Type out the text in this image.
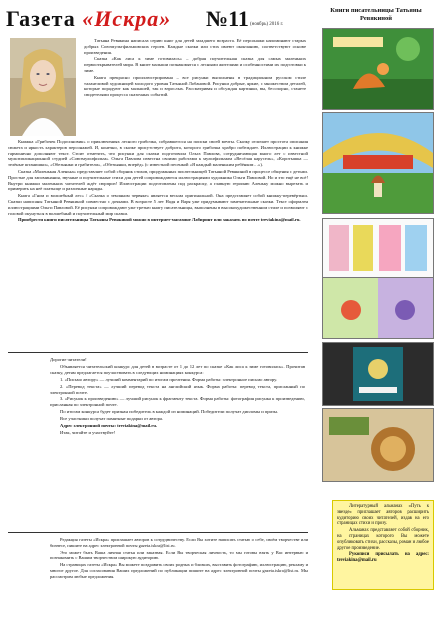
Газета «Искра» №11 (ноябрь) 2016 г.
Книги писательницы Татьяны Ревякиной

Татьяна Ревякина написала серию книг для детей младшего возраста. Её персонажи напоминают старых добрых Союзмультфильмовских героев. Каждые сказки или стих имеют окончанию, соответствуют основе произведения.

Сказка «Как лиса к зиме готовилась» – добрая поучительная сказка для самых маленьких первооткрывателей мира. В книге малыши познакомятся с лесными жителями и особенностями их подготовки к зиме.

Книга прекрасно проиллюстрирована – все рисунки выполнены в традиционном русском стиле талантливой художницей молодого уровня Татьяной Лобановой. Рисунки добрые, яркие, с множеством деталей, которые порадуют как малышей, так и взрослых. Рассматривая и обсуждая картинки, вы, бесспорно, станете свидетелями процесса сказочных событий.

Книжка «Грибочек Подосиновик» о приключениях лесного грибочка, собравшегося на поиски своей мечты. Сказку отличает простота описания сюжета и яркость характеров персонажей. И, конечно, в сказке присутствует доброта, которого грибочка храбро побеждает. Иллюстрации к книжке гармонично дополняют текст. Стоит отметить, что рисунки для сказки подготовила Ольга Павлова, сотрудничающая много лет с известной мультипликационной студией «Союзмультфильм». Ольга Павлова известна своими работами к мультфильмам «Весёлая карусель», «Коротышка — зелёные штанишки», «Обезьянки и грабители», «Обезьянки, вперёд» (с известной песенкой «Я каждый маленьким ребёнком…»).

Сказка «Маленькая Аленька» представляет собой сборник стихов, придуманных писательницей Татьяной Ревякиной в процессе общения с детьми. Простые для запоминания, звучные и поучительные стихи для детей сопровождаются иллюстрациями художника Ольги Павловой. Но и это ещё не всё! Внутри книжки маленьких читателей ждёт сюрприз! Иллюстрации подготовлены под раскраску, а главную героиню Аленьку можно вырезать и примерить на неё платьице и различные наряды.

Книга «Гном и волшебный лес» / «Сказка о земляном червяке» является весьма оригинальной. Она представляет собой книжку-перевёртыш. Сказки написаны Татьяной Ревякиной совместно с дочками. В возрасте 5 лет Надя и Варя уже придумывают замечательные сказки. Текст оформлен иллюстрациями Ольги Павловой. Её рисунки сопровождают уже третью книгу писательницы, выполнены в высокохудожественном стиле и позволяют с головой окунуться в волшебный и поучительный мир сказки.

Приобрести книги писательницы Татьяны Ревякиной можно в интернет-магазине Лабиринт или заказать по почте treviakina@mail.ru.

Дорогие читатели!

Объявляется читательский конкурс для детей в возрасте от 1 до 12 лет по сказке «Как лиса к зиме готовилась». Прочитав сказку, детям предлагается поучаствовать в следующих номинациях конкурса:

1. «Письмо автору» — лучший комментарий по итогам прочтения. Форма работы: электронное письмо автору.

2. «Перевод текста» — лучший перевод текста на английский язык. Форма работы: перевод текста, присланный по электронной почте.

3. «Рисунок к произведению» — лучший рисунок к фрагменту текста. Форма работы: фотография рисунка к произведению, присланная по электронной почте.

По итогам конкурса будет признан победитель в каждой из номинаций. Победители получат дипломы и призы.

Все участники получат памятные подарки от автора.

Адрес электронной почты: treviakina@mail.ru.

Итак, читайте и участвуйте!

Редакция газеты «Искра» приглашает авторов к сотрудничеству. Если Вы хотите написать статью о себе, своём творчестве или бизнесе, пишите на адрес электронной почты gazeta.iskra@list.ru.

Это может быть Ваша личная статья или заказная. Если Вы творческая личность, то мы готовы взять у Вас интервью и познакомить с Вашим творчеством широкую аудиторию.

На страницах газеты «Искра» Вы можете поздравить своих родных и близких, выставить фотографию, иллюстрацию, рекламу и многое другое. Для согласования Ваших предложений по публикации пишите на адрес электронной почты gazeta.iskra@list.ru. Мы рассмотрим любые предложения.

Литературный альманах «Путь к звезде» приглашает авторов расширить кудиторию своих читателей, издав на его страницах стихи и прозу.

Альманах представляет собой сборник, на страницах которого Вы можете опубликовать стихи, рассказы, роман и любое другое произведение.

Рукописи присылать на адрес: treviakina@mail.ru
